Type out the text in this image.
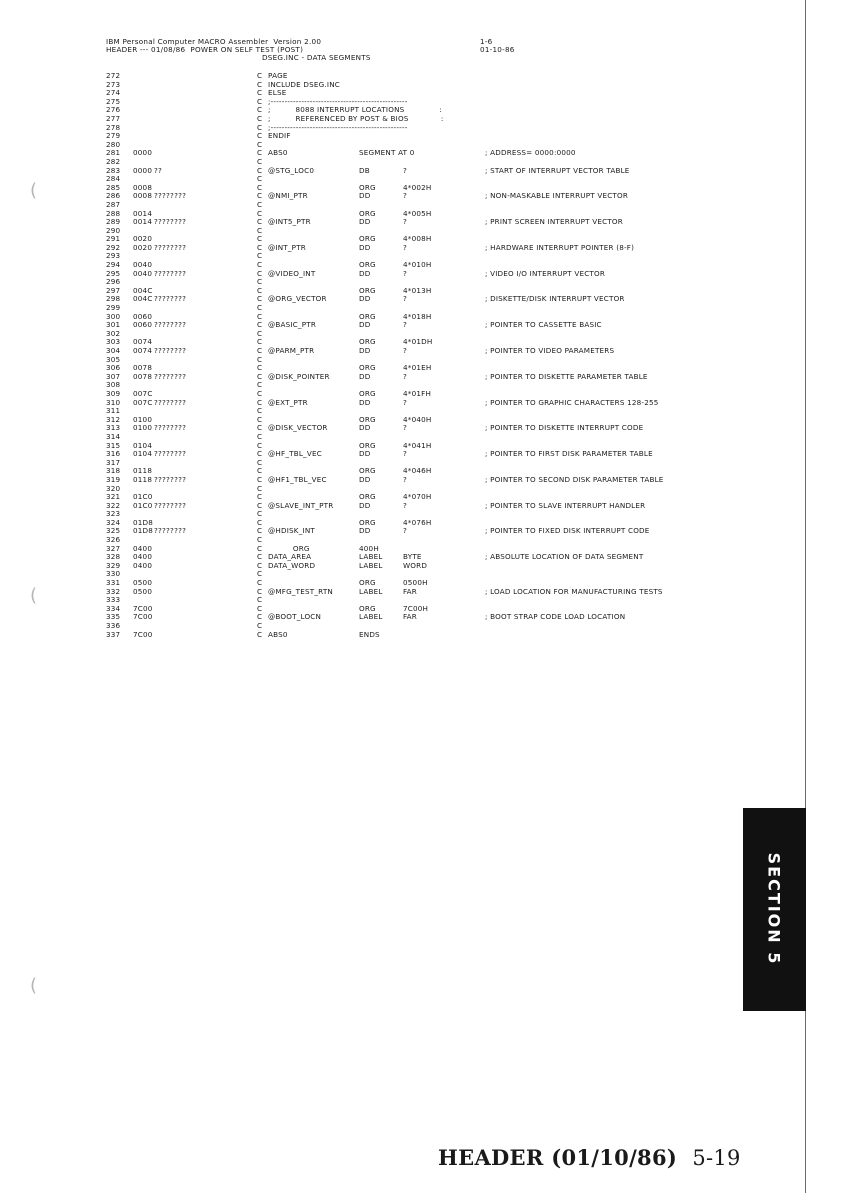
IBM Personal Computer MACRO Assembler  Version 2.00
HEADER --- 01/08/86  POWER ON SELF TEST (POST)
DSEG.INC - DATA SEGMENTS
1-6
01-10-86
272	C PAGE
273	C INCLUDE DSEG.INC
274	C ELSE
275	C ;-------------------------------------------------
276	C ;          8088 INTERRUPT LOCATIONS              :
277	C ;          REFERENCED BY POST & BIOS             :
278	C ;-------------------------------------------------
279	C ENDIF
280	C
281 0000	C ABS0	SEGMENT AT 0	; ADDRESS= 0000:0000
282	C
283 0000 ??	C @STG_LOC0	DB	?	; START OF INTERRUPT VECTOR TABLE
284	C
285 0008	C	ORG	4*002H
286 0008 ????????	C @NMI_PTR	DD	?	; NON-MASKABLE INTERRUPT VECTOR
287	C
288 0014	C	ORG	4*005H
289 0014 ????????	C @INT5_PTR	DD	?	; PRINT SCREEN INTERRUPT VECTOR
290	C
291 0020	C	ORG	4*008H
292 0020 ????????	C @INT_PTR	DD	?	; HARDWARE INTERRUPT POINTER (8-F)
293	C
294 0040	C	ORG	4*010H
295 0040 ????????	C @VIDEO_INT	DD	?	; VIDEO I/O INTERRUPT VECTOR
296	C
297 004C	C	ORG	4*013H
298 004C ????????	C @ORG_VECTOR	DD	?	; DISKETTE/DISK INTERRUPT VECTOR
299	C
300 0060	C	ORG	4*018H
301 0060 ????????	C @BASIC_PTR	DD	?	; POINTER TO CASSETTE BASIC
302	C
303 0074	C	ORG	4*01DH
304 0074 ????????	C @PARM_PTR	DD	?	; POINTER TO VIDEO PARAMETERS
305	C
306 0078	C	ORG	4*01EH
307 0078 ????????	C @DISK_POINTER	DD	?	; POINTER TO DISKETTE PARAMETER TABLE
308	C
309 007C	C	ORG	4*01FH
310 007C ????????	C @EXT_PTR	DD	?	; POINTER TO GRAPHIC CHARACTERS 128-255
311	C
312 0100	C	ORG	4*040H
313 0100 ????????	C @DISK_VECTOR	DD	?	; POINTER TO DISKETTE INTERRUPT CODE
314	C
315 0104	C	ORG	4*041H
316 0104 ????????	C @HF_TBL_VEC	DD	?	; POINTER TO FIRST DISK PARAMETER TABLE
317	C
318 0118	C	ORG	4*046H
319 0118 ????????	C @HF1_TBL_VEC	DD	?	; POINTER TO SECOND DISK PARAMETER TABLE
320	C
321 01C0	C	ORG	4*070H
322 01C0 ????????	C @SLAVE_INT_PTR	DD	?	; POINTER TO SLAVE INTERRUPT HANDLER
323	C
324 01D8	C	ORG	4*076H
325 01D8 ????????	C @HDISK_INT	DD	?	; POINTER TO FIXED DISK INTERRUPT CODE
326	C
327 0400	C ORG	400H
328 0400	C DATA_AREA	LABEL	BYTE	; ABSOLUTE LOCATION OF DATA SEGMENT
329 0400	C DATA_WORD	LABEL	WORD
330	C
331 0500	C	ORG	0500H
332 0500	C @MFG_TEST_RTN	LABEL	FAR	; LOAD LOCATION FOR MANUFACTURING TESTS
333	C
334 7C00	C	ORG	7C00H
335 7C00	C @BOOT_LOCN	LABEL	FAR	; BOOT STRAP CODE LOAD LOCATION
336	C
337 7C00	C ABS0	ENDS
SECTION 5
HEADER (01/10/86) 5-19
(
(
(
